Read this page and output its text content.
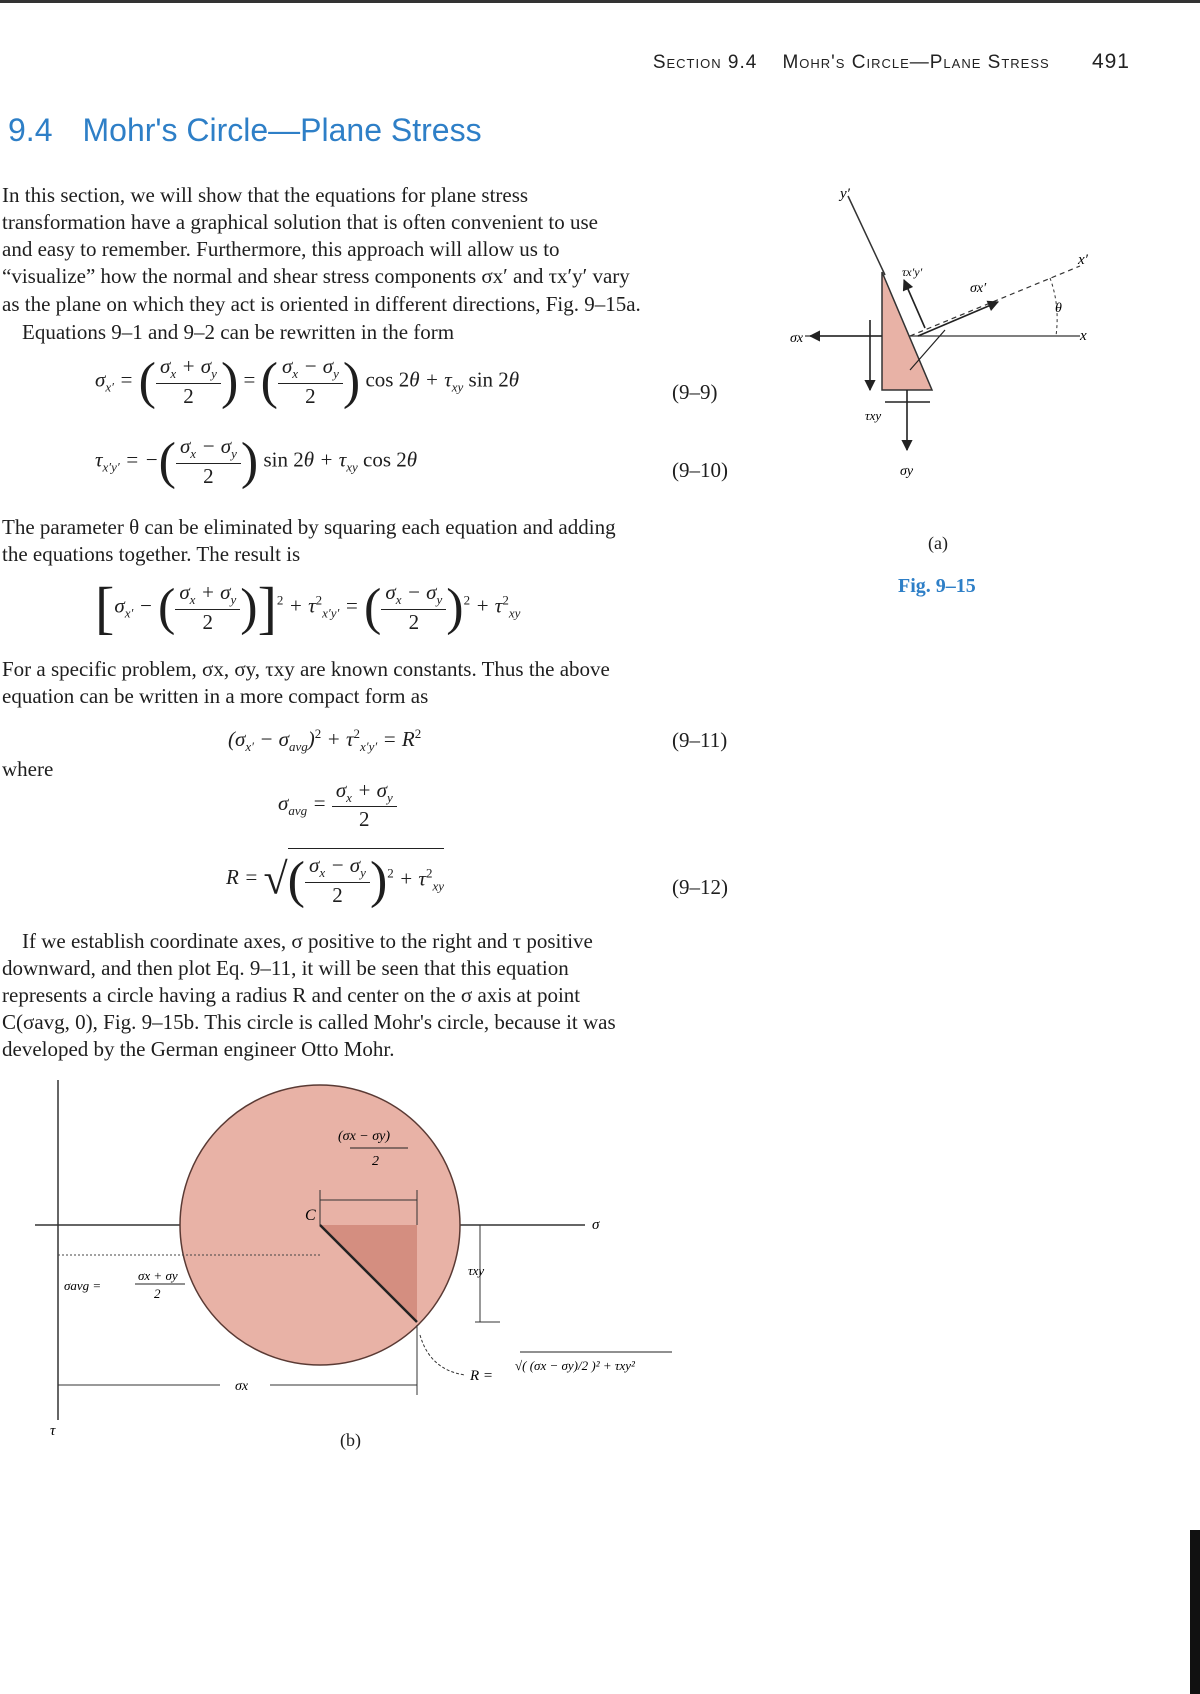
Section 9.4 Mohr's Circle—Plane Stress 491
9.4 Mohr's Circle—Plane Stress
In this section, we will show that the equations for plane stress
transformation have a graphical solution that is often convenient to use
and easy to remember. Furthermore, this approach will allow us to
“visualize” how the normal and shear stress components σx′ and τx′y′ vary
as the plane on which they act is oriented in different directions, Fig. 9–15a.
Equations 9–1 and 9–2 can be rewritten in the form
$\sigma_{x'}$ = ( $\frac{\sigma_x + \sigma_y}{2}$ ) = ( $\frac{\sigma_x - \sigma_y}{2}$ ) $\cos 2\theta + \tau_{xy}$ sin 2θ
(9–9)
$\tau_{x'y'}$ = −( $\frac{\sigma_x - \sigma_y}{2}$ ) $\sin 2\theta + \tau_{xy}$ cos 2θ	(9–10)
The parameter θ can be eliminated by squaring each equation and adding
the equations together. The result is
[$\sigma_{x'}$ − ( $\frac{\sigma_x + \sigma_y}{2} )]^2 + \tau^2_{x'y'}$ = ( $\frac{\sigma_x - \sigma_y}{2} )^2 + \tau^2_{xy}$
For a specific problem, σx, σy, τxy are known constants. Thus the above
equation can be written in a more compact form as
$(\sigma_{x'} - \sigma_{avg})^2 + \tau^2_{x'y'} = R^2$	(9–11)
where
$\sigma_{avg} = \frac{\sigma_x + \sigma_y}{2}$
R = √( $\frac{\sigma_x - \sigma_y}{2} )^2 + \tau^2_{xy}$	(9–12)
If we establish coordinate axes, σ positive to the right and τ positive
downward, and then plot Eq. 9–11, it will be seen that this equation
represents a circle having a radius R and center on the σ axis at point
C(σavg, 0), Fig. 9–15b. This circle is called Mohr's circle, because it was
developed by the German engineer Otto Mohr.
y′
x′
x
θ
σx
σy
τxy
σx′
τx′y′
(a)
Fig. 9–15
(σx − σy)
2
σavg =
σx + σy
2
σx
τxy
R =
√( (σx − σy)/2 )² + τxy²
C
σ
τ	(b)
